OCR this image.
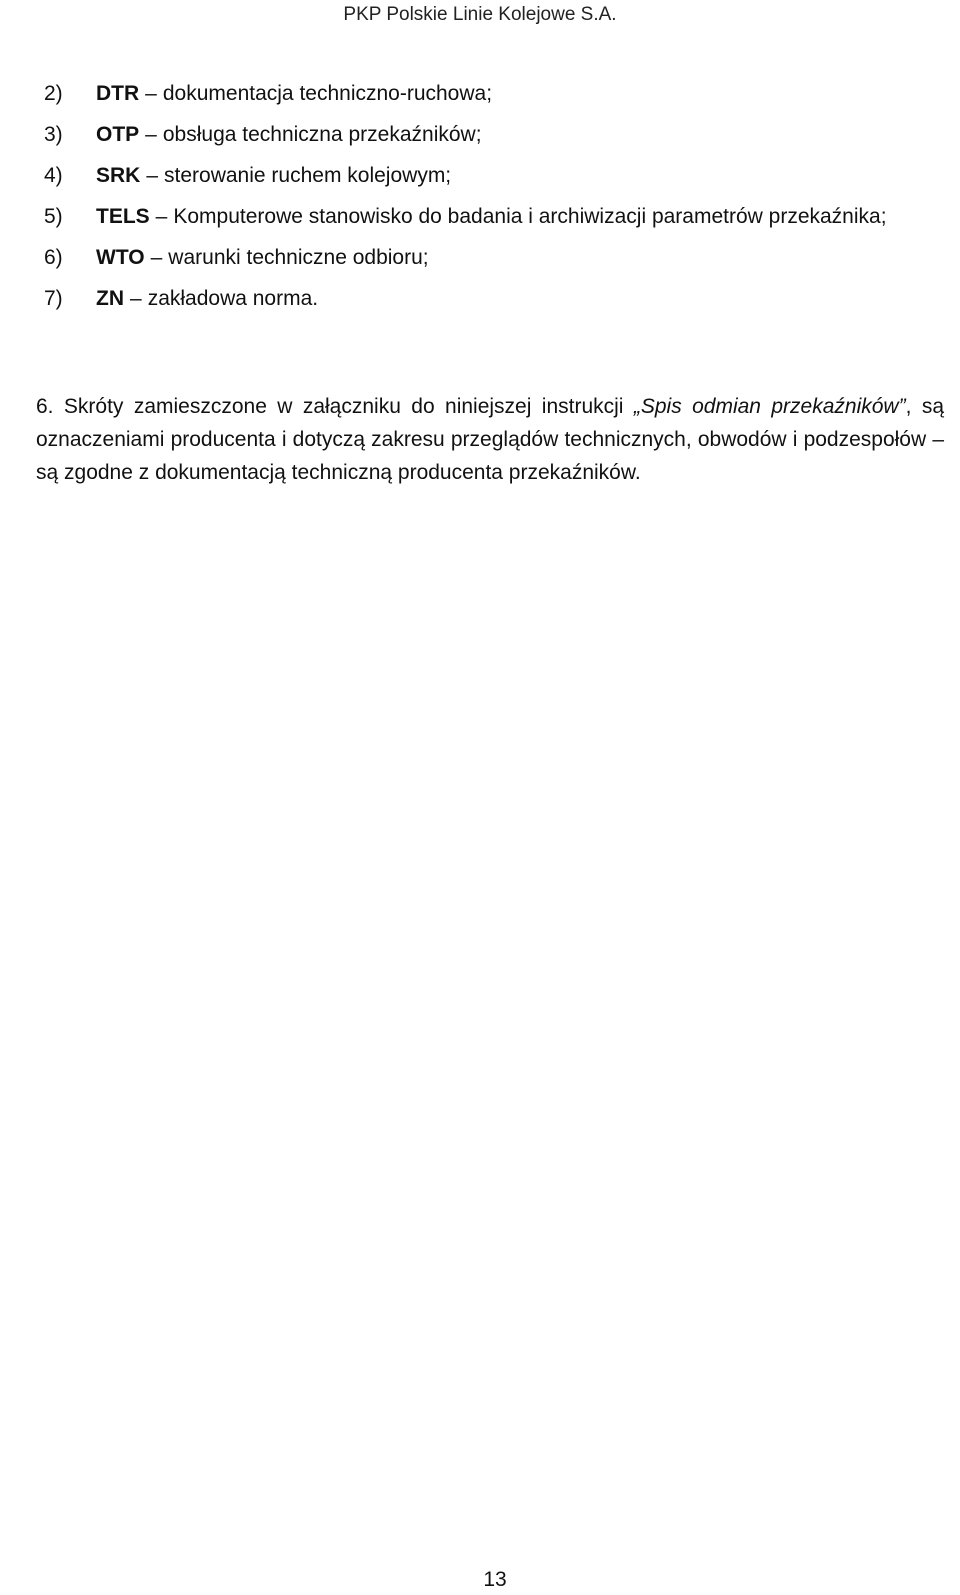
PKP Polskie Linie Kolejowe S.A.
2)	DTR – dokumentacja techniczno-ruchowa;
3)	OTP – obsługa techniczna przekaźników;
4)	SRK – sterowanie ruchem kolejowym;
5)	TELS – Komputerowe stanowisko do badania i archiwizacji parametrów przekaźnika;
6)	WTO – warunki techniczne odbioru;
7)	ZN – zakładowa norma.

6. Skróty zamieszczone w załączniku do niniejszej instrukcji „Spis odmian przekaźników”, są oznaczeniami producenta i dotyczą zakresu przeglądów technicznych, obwodów i podzespołów – są zgodne z dokumentacją techniczną producenta przekaźników.

13
